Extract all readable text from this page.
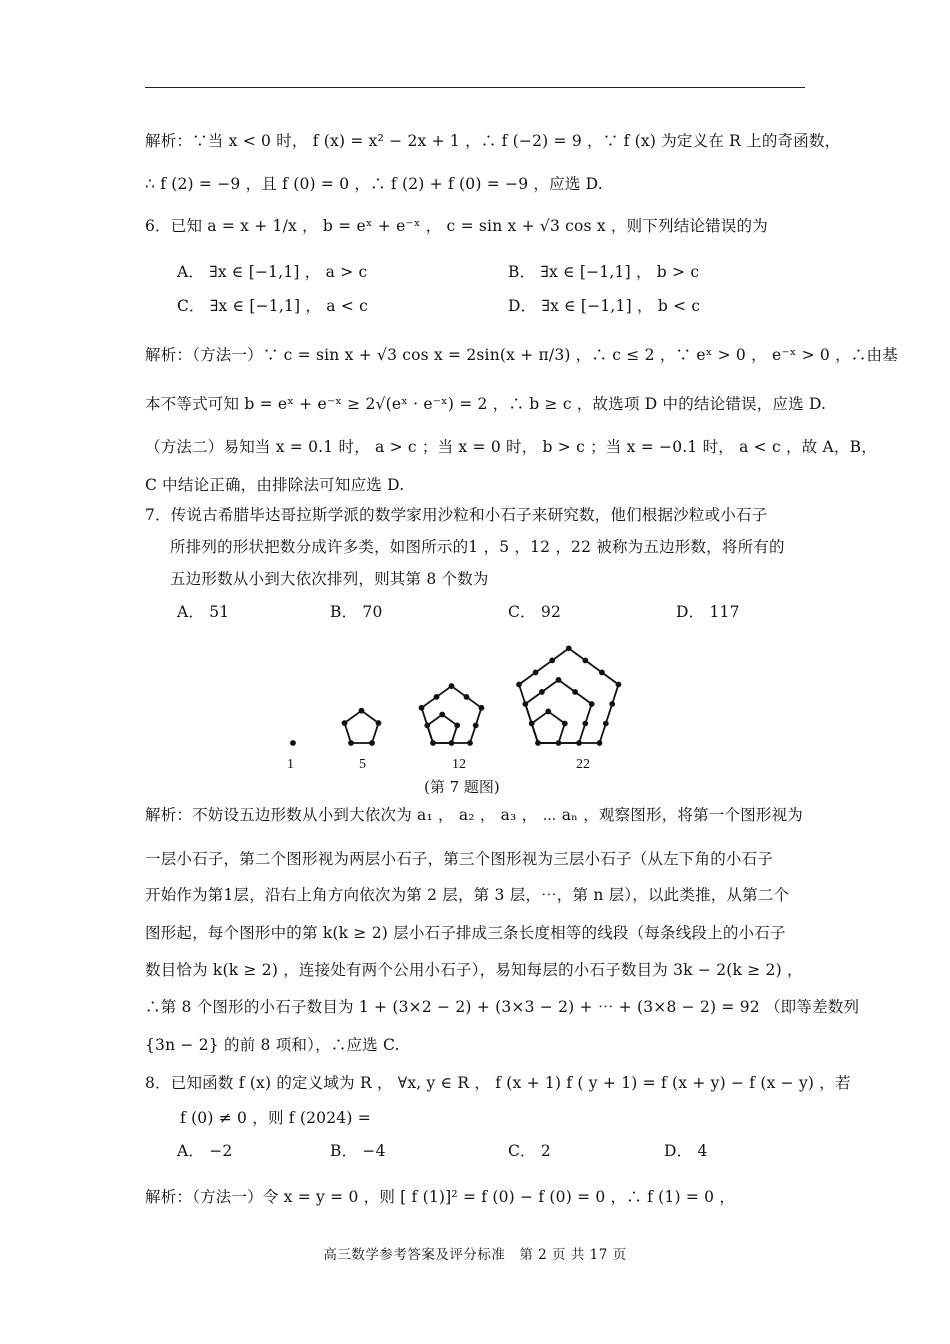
解析：∵当 x < 0 时， f (x) = x² − 2x + 1 ，∴ f (−2) = 9 ，∵ f (x) 为定义在 R 上的奇函数，
∴ f (2) = −9 ，且 f (0) = 0 ，∴ f (2) + f (0) = −9 ，应选 D.
6．已知 a = x + 1/x ， b = eˣ + e⁻ˣ ， c = sin x + √3 cos x ，则下列结论错误的为
A． ∃x ∈ [−1,1] ， a > c	B． ∃x ∈ [−1,1] ， b > c
C． ∃x ∈ [−1,1] ， a < c	D． ∃x ∈ [−1,1] ， b < c
解析：（方法一）∵ c = sin x + √3 cos x = 2sin(x + π/3) ，∴ c ≤ 2 ，∵ eˣ > 0 ， e⁻ˣ > 0 ，∴由基
本不等式可知 b = eˣ + e⁻ˣ ≥ 2√(eˣ · e⁻ˣ) = 2 ，∴ b ≥ c ，故选项 D 中的结论错误，应选 D.
（方法二）易知当 x = 0.1 时， a > c ；当 x = 0 时， b > c ；当 x = −0.1 时， a < c ，故 A，B，
C 中结论正确，由排除法可知应选 D.
7．传说古希腊毕达哥拉斯学派的数学家用沙粒和小石子来研究数，他们根据沙粒或小石子
所排列的形状把数分成许多类，如图所示的1 ，5 ，12 ，22 被称为五边形数，将所有的
五边形数从小到大依次排列，则其第 8 个数为
A． 51	B． 70	C． 92	D． 117
解析：不妨设五边形数从小到大依次为 a₁ ， a₂ ， a₃ ， ⋯ aₙ ，观察图形，将第一个图形视为
一层小石子，第二个图形视为两层小石子，第三个图形视为三层小石子（从左下角的小石子
开始作为第1层，沿右上角方向依次为第 2 层，第 3 层，⋯，第 n 层），以此类推，从第二个
图形起，每个图形中的第 k(k ≥ 2) 层小石子排成三条长度相等的线段（每条线段上的小石子
数目恰为 k(k ≥ 2) ，连接处有两个公用小石子），易知每层的小石子数目为 3k − 2(k ≥ 2) ，
∴第 8 个图形的小石子数目为 1 + (3×2 − 2) + (3×3 − 2) + ⋯ + (3×8 − 2) = 92 （即等差数列
{3n − 2} 的前 8 项和），∴应选 C.
8．已知函数 f (x) 的定义域为 R ， ∀x, y ∈ R ， f (x + 1) f ( y + 1) = f (x + y) − f (x − y) ，若
f (0) ≠ 0 ，则 f (2024) =
A． −2	B． −4	C． 2	D． 4
解析：（方法一）令 x = y = 0 ，则 [ f (1)]² = f (0) − f (0) = 0 ，∴ f (1) = 0 ，
1	5	12	22
(第 7 题图)
高三数学参考答案及评分标准　第 2 页 共 17 页
